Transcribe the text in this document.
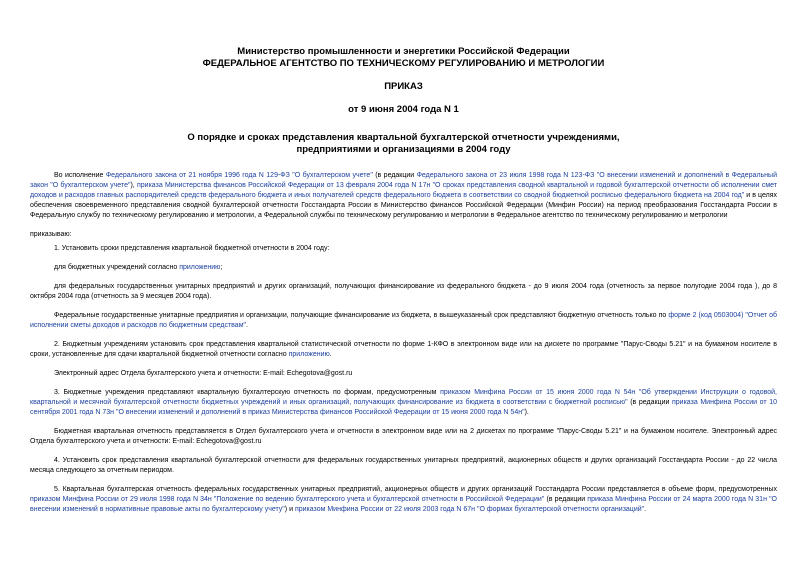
Министерство промышленности и энергетики Российской Федерации
ФЕДЕРАЛЬНОЕ АГЕНТСТВО ПО ТЕХНИЧЕСКОМУ РЕГУЛИРОВАНИЮ И МЕТРОЛОГИИ
ПРИКАЗ
от 9 июня 2004 года N 1
О порядке и сроках представления квартальной бухгалтерской отчетности учреждениями, предприятиями и организациями в 2004 году

Во исполнение Федерального закона от 21 ноября 1996 года N 129-ФЗ "О бухгалтерском учете" (в редакции Федерального закона от 23 июля 1998 года N 123-ФЗ "О внесении изменений и дополнений в Федеральный закон "О бухгалтерском учете"), приказа Министерства финансов Российской Федерации от 13 февраля 2004 года N 17н "О сроках представления сводной квартальной и годовой бухгалтерской отчетности об исполнении смет доходов и расходов главных распорядителей средств федерального бюджета и иных получателей средств федерального бюджета в соответствии со сводной бюджетной росписью федерального бюджета на 2004 год" и в целях обеспечения своевременного представления сводной бухгалтерской отчетности Госстандарта России в Министерство финансов Российской Федерации (Минфин России) на период преобразования Госстандарта России в Федеральную службу по техническому регулированию и метрологии, а Федеральной службы по техническому регулированию и метрологии в Федеральное агентство по техническому регулированию и метрологии

приказываю:

1. Установить сроки представления квартальной бюджетной отчетности в 2004 году:

для бюджетных учреждений согласно приложению;

для федеральных государственных унитарных предприятий и других организаций, получающих финансирование из федерального бюджета - до 9 июля 2004 года (отчетность за первое полугодие 2004 года ), до 8 октября 2004 года (отчетность за 9 месяцев 2004 года).

Федеральные государственные унитарные предприятия и организации, получающие финансирование из бюджета, в вышеуказанный срок представляют бюджетную отчетность только по форме 2 (код 0503004) "Отчет об исполнении сметы доходов и расходов по бюджетным средствам".

2. Бюджетным учреждениям установить срок представления квартальной статистической отчетности по форме 1-КФО в электронном виде или на дискете по программе "Парус-Своды 5.21" и на бумажном носителе в сроки, установленные для сдачи квартальной бюджетной отчетности согласно приложению.

Электронный адрес Отдела бухгалтерского учета и отчетности: E-mail: Echegotova@gost.ru

3. Бюджетные учреждения представляют квартальную бухгалтерскую отчетность по формам, предусмотренным приказом Минфина России от 15 июня 2000 года N 54н "Об утверждении Инструкции о годовой, квартальной и месячной бухгалтерской отчетности бюджетных учреждений и иных организаций, получающих финансирование из бюджета в соответствии с бюджетной росписью" (в редакции приказа Минфина России от 10 сентября 2001 года N 73н "О внесении изменений и дополнений в приказ Министерства финансов Российской Федерации от 15 июня 2000 года N 54н").

Бюджетная квартальная отчетность представляется в Отдел бухгалтерского учета и отчетности в электронном виде или на 2 дискетах по программе "Парус-Своды 5.21" и на бумажном носителе. Электронный адрес Отдела бухгалтерского учета и отчетности: E-mail: Echegotova@gost.ru

4. Установить срок представления квартальной бухгалтерской отчетности для федеральных государственных унитарных предприятий, акционерных обществ и других организаций Госстандарта России - до 22 числа месяца следующего за отчетным периодом.

5. Квартальная бухгалтерская отчетность федеральных государственных унитарных предприятий, акционерных обществ и других организаций Госстандарта России представляется в объеме форм, предусмотренных приказом Минфина России от 29 июля 1998 года N 34н "Положение по ведению бухгалтерского учета и бухгалтерской отчетности в Российской Федерации" (в редакции приказа Минфина России от 24 марта 2000 года N 31н "О внесении изменений в нормативные правовые акты по бухгалтерскому учету") и приказом Минфина России от 22 июля 2003 года N 67н "О формах бухгалтерской отчетности организаций".
